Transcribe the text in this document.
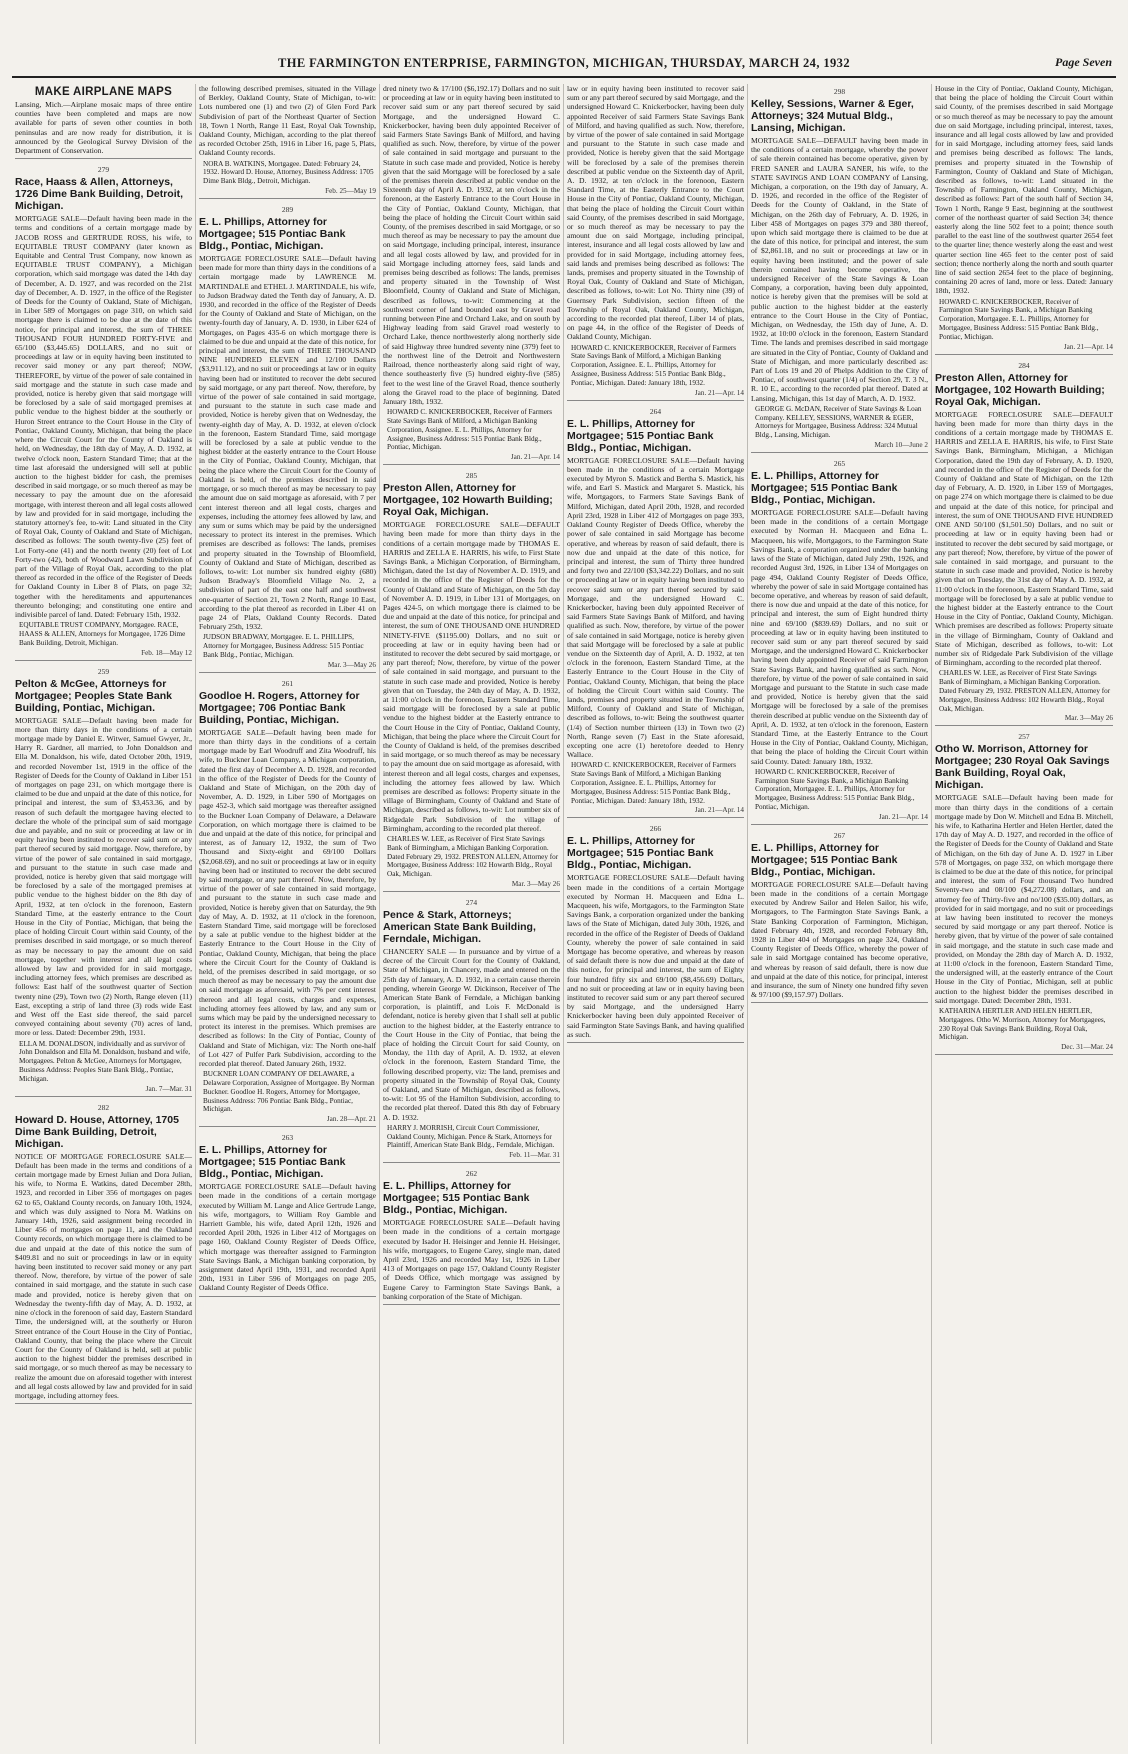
THE FARMINGTON ENTERPRISE, FARMINGTON, MICHIGAN, THURSDAY, MARCH 24, 1932	Page Seven
MAKE AIRPLANE MAPS

Lansing, Mich.—Airplane mosaic maps of three entire counties have been completed and maps are now available for parts of seven other counties in both peninsulas and are now ready for distribution, it is announced by the Geological Survey Division of the Department of Conservation.

279
Race, Haass & Allen, Attorneys, 1726 Dime Bank Building, Detroit, Michigan.

MORTGAGE SALE—Default having been made in the terms and conditions of a certain mortgage made by JACOB ROSS and GERTRUDE ROSS, his wife, to EQUITABLE TRUST COMPANY (later known as Equitable and Central Trust Company, now known as EQUITABLE TRUST COMPANY), a Michigan corporation, which said mortgage was dated the 14th day of December, A. D. 1927, and was recorded on the 21st day of December, A. D. 1927, in the office of the Register of Deeds for the County of Oakland, State of Michigan, in Liber 589 of Mortgages on page 310, on which said mortgage there is claimed to be due at the date of this notice, for principal and interest, the sum of THREE THOUSAND FOUR HUNDRED FORTY-FIVE and 65/100 ($3,445.65) DOLLARS, and no suit or proceedings at law or in equity having been instituted to recover said money or any part thereof; NOW, THEREFORE, by virtue of the power of sale contained in said mortgage and the statute in such case made and provided, notice is hereby given that said mortgage will be foreclosed by a sale of said mortgaged premises at public vendue to the highest bidder at the southerly or Huron Street entrance to the Court House in the City of Pontiac, Oakland County, Michigan, that being the place where the Circuit Court for the County of Oakland is held, on Wednesday, the 18th day of May, A. D. 1932, at twelve o'clock noon, Eastern Standard Time; that at the time last aforesaid the undersigned will sell at public auction to the highest bidder for cash, the premises described in said mortgage, or so much thereof as may be necessary to pay the amount due on the aforesaid mortgage, with interest thereon and all legal costs allowed by law and provided for in said mortgage, including the statutory attorney's fee, to-wit: Land situated in the City of Royal Oak, County of Oakland and State of Michigan, described as follows: The south twenty-five (25) feet of Lot Forty-one (41) and the north twenty (20) feet of Lot Forty-two (42), both of Woodward Lawn Subdivision of part of the Village of Royal Oak, according to the plat thereof as recorded in the office of the Register of Deeds for Oakland County in Liber 8 of Plats, on page 32; together with the hereditaments and appurtenances thereunto belonging; and constituting one entire and indivisible parcel of land. Dated: February 15th, 1932.

EQUITABLE TRUST COMPANY, Mortgagee. RACE, HAASS & ALLEN, Attorneys for Mortgagee, 1726 Dime Bank Building, Detroit, Michigan.
Feb. 18—May 12
259
Pelton & McGee, Attorneys for Mortgagee; Peoples State Bank Building, Pontiac, Michigan.

MORTGAGE SALE—Default having been made for more than thirty days in the conditions of a certain mortgage made by Daniel E. Witwer, Samuel Gwyer, Jr., Harry R. Gardner, all married, to John Donaldson and Ella M. Donaldson, his wife, dated October 20th, 1919, and recorded November 1st, 1919 in the office of the Register of Deeds for the County of Oakland in Liber 151 of mortgages on page 231, on which mortgage there is claimed to be due and unpaid at the date of this notice, for principal and interest, the sum of $3,453.36, and by reason of such default the mortgagee having elected to declare the whole of the principal sum of said mortgage due and payable, and no suit or proceeding at law or in equity having been instituted to recover said sum or any part thereof secured by said mortgage. Now, therefore, by virtue of the power of sale contained in said mortgage, and pursuant to the statute in such case made and provided, notice is hereby given that said mortgage will be foreclosed by a sale of the mortgaged premises at public vendue to the highest bidder on the 8th day of April, 1932, at ten o'clock in the forenoon, Eastern Standard Time, at the easterly entrance to the Court House in the City of Pontiac, Michigan, that being the place of holding Circuit Court within said County, of the premises described in said mortgage, or so much thereof as may be necessary to pay the amount due on said mortgage, together with interest and all legal costs allowed by law and provided for in said mortgage, including attorney fees, which premises are described as follows: East half of the southwest quarter of Section twenty nine (29), Town two (2) North, Range eleven (11) East, excepting a strip of land three (3) rods wide East and West off the East side thereof, the said parcel conveyed containing about seventy (70) acres of land, more or less. Dated: December 29th, 1931.

ELLA M. DONALDSON, individually and as survivor of John Donaldson and Ella M. Donaldson, husband and wife, Mortgagees. Pelton & McGee, Attorneys for Mortgagee, Business Address: Peoples State Bank Bldg., Pontiac, Michigan.
Jan. 7—Mar. 31
282
Howard D. House, Attorney, 1705 Dime Bank Building, Detroit, Michigan.

NOTICE OF MORTGAGE FORECLOSURE SALE—Default has been made in the terms and conditions of a certain mortgage made by Ernest Julian and Dora Julian, his wife, to Norma E. Watkins, dated December 28th, 1923, and recorded in Liber 356 of mortgages on pages 62 to 65, Oakland County records, on January 10th, 1924, and which was duly assigned to Nora M. Watkins on January 14th, 1926, said assignment being recorded in Liber 456 of mortgages on page 11, and the Oakland County records, on which mortgage there is claimed to be due and unpaid at the date of this notice the sum of $409.81 and no suit or proceedings in law or in equity having been instituted to recover said money or any part thereof. Now, therefore, by virtue of the power of sale contained in said mortgage, and the statute in such case made and provided, notice is hereby given that on Wednesday the twenty-fifth day of May, A. D. 1932, at nine o'clock in the forenoon of said day, Eastern Standard Time, the undersigned will, at the southerly or Huron Street entrance of the Court House in the City of Pontiac, Oakland County, that being the place where the Circuit Court for the County of Oakland is held, sell at public auction to the highest bidder the premises described in said mortgage, or so much thereof as may be necessary to realize the amount due on aforesaid together with interest and all legal costs allowed by law and provided for in said mortgage, including attorney fees.

the following described premises, situated in the Village of Berkley, Oakland County, State of Michigan, to-wit: Lots numbered one (1) and two (2) of Glen Ford Park Subdivision of part of the Northeast Quarter of Section 18, Town 1 North, Range 11 East, Royal Oak Township, Oakland County, Michigan, according to the plat thereof as recorded October 25th, 1916 in Liber 16, page 5, Plats, Oakland County records.

NORA B. WATKINS, Mortgagee. Dated: February 24, 1932. Howard D. House, Attorney, Business Address: 1705 Dime Bank Bldg., Detroit, Michigan.
Feb. 25—May 19
289
E. L. Phillips, Attorney for Mortgagee; 515 Pontiac Bank Bldg., Pontiac, Michigan.

MORTGAGE FORECLOSURE SALE—Default having been made for more than thirty days in the conditions of a certain mortgage made by LAWRENCE M. MARTINDALE and ETHEL J. MARTINDALE, his wife, to Judson Bradway dated the Tenth day of January, A. D. 1930, and recorded in the office of the Register of Deeds for the County of Oakland and State of Michigan, on the twenty-fourth day of January, A. D. 1930, in Liber 624 of Mortgages, on Pages 435-6 on which mortgage there is claimed to be due and unpaid at the date of this notice, for principal and interest, the sum of THREE THOUSAND NINE HUNDRED ELEVEN and 12/100 Dollars ($3,911.12), and no suit or proceedings at law or in equity having been had or instituted to recover the debt secured by said mortgage, or any part thereof. Now, therefore, by virtue of the power of sale contained in said mortgage, and pursuant to the statute in such case made and provided, Notice is hereby given that on Wednesday, the twenty-eighth day of May, A. D. 1932, at eleven o'clock in the forenoon, Eastern Standard Time, said mortgage will be foreclosed by a sale at public vendue to the highest bidder at the easterly entrance to the Court House in the City of Pontiac, Oakland County, Michigan, that being the place where the Circuit Court for the County of Oakland is held, of the premises described in said mortgage, or so much thereof as may be necessary to pay the amount due on said mortgage as aforesaid, with 7 per cent interest thereon and all legal costs, charges and expenses, including the attorney fees allowed by law, and any sum or sums which may be paid by the undersigned necessary to protect its interest in the premises. Which premises are described as follows: The lands, premises and property situated in the Township of Bloomfield, County of Oakland and State of Michigan, described as follows, to-wit: Lot number six hundred eighty (680) Judson Bradway's Bloomfield Village No. 2, a subdivision of part of the east one half and southwest one-quarter of Section 21, Town 2 North, Range 10 East, according to the plat thereof as recorded in Liber 41 on page 24 of Plats, Oakland County Records. Dated February 25th, 1932.

JUDSON BRADWAY, Mortgagee. E. L. PHILLIPS, Attorney for Mortgagee, Business Address: 515 Pontiac Bank Bldg., Pontiac, Michigan.
Mar. 3—May 26
261
Goodloe H. Rogers, Attorney for Mortgagee; 706 Pontiac Bank Building, Pontiac, Michigan.

MORTGAGE SALE—Default having been made for more than thirty days in the conditions of a certain mortgage made by Earl Woodruff and Zita Woodruff, his wife, to Buckner Loan Company, a Michigan corporation, dated the first day of December A. D. 1928, and recorded in the office of the Register of Deeds for the County of Oakland and State of Michigan, on the 20th day of November, A. D. 1929, in Liber 590 of Mortgages on page 452-3, which said mortgage was thereafter assigned to the Buckner Loan Company of Delaware, a Delaware Corporation, on which mortgage there is claimed to be due and unpaid at the date of this notice, for principal and interest, as of January 12, 1932, the sum of Two Thousand and Sixty-eight and 69/100 Dollars ($2,068.69), and no suit or proceedings at law or in equity having been had or instituted to recover the debt secured by said mortgage, or any part thereof. Now, therefore, by virtue of the power of sale contained in said mortgage, and pursuant to the statute in such case made and provided, Notice is hereby given that on Saturday, the 9th day of May, A. D. 1932, at 11 o'clock in the forenoon, Eastern Standard Time, said mortgage will be foreclosed by a sale at public vendue to the highest bidder at the Easterly Entrance to the Court House in the City of Pontiac, Oakland County, Michigan, that being the place where the Circuit Court for the County of Oakland is held, of the premises described in said mortgage, or so much thereof as may be necessary to pay the amount due on said mortgage as aforesaid, with 7% per cent interest thereon and all legal costs, charges and expenses, including attorney fees allowed by law, and any sum or sums which may be paid by the undersigned necessary to protect its interest in the premises. Which premises are described as follows: In the City of Pontiac, County of Oakland and State of Michigan, viz: The North one-half of Lot 427 of Pulfer Park Subdivision, according to the recorded plat thereof. Dated January 26th, 1932.

BUCKNER LOAN COMPANY OF DELAWARE, a Delaware Corporation, Assignee of Mortgagee. By Norman Buckner. Goodloe H. Rogers, Attorney for Mortgagee, Business Address: 706 Pontiac Bank Bldg., Pontiac, Michigan.
Jan. 28—Apr. 21
263
E. L. Phillips, Attorney for Mortgagee; 515 Pontiac Bank Bldg., Pontiac, Michigan.

MORTGAGE FORECLOSURE SALE—Default having been made in the conditions of a certain mortgage executed by William M. Lange and Alice Gertrude Lange, his wife, mortgagors, to William Roy Gamble and Harriett Gamble, his wife, dated April 12th, 1926 and recorded April 20th, 1926 in Liber 412 of Mortgages on page 160, Oakland County Register of Deeds Office, which mortgage was thereafter assigned to Farmington State Savings Bank, a Michigan banking corporation, by assignment dated April 19th, 1931, and recorded April 20th, 1931 in Liber 596 of Mortgages on page 205, Oakland County Register of Deeds Office.

dred ninety two & 17/100 ($6,192.17) Dollars and no suit or proceeding at law or in equity having been instituted to recover said sum or any part thereof secured by said Mortgage, and the undersigned Howard C. Knickerbocker, having been duly appointed Receiver of said Farmers State Savings Bank of Milford, and having qualified as such. Now, therefore, by virtue of the power of sale contained in said mortgage and pursuant to the Statute in such case made and provided, Notice is hereby given that the said Mortgage will be foreclosed by a sale of the premises therein described at public vendue on the Sixteenth day of April A. D. 1932, at ten o'clock in the forenoon, at the Easterly Entrance to the Court House in the City of Pontiac, Oakland County, Michigan, that being the place of holding the Circuit Court within said County, of the premises described in said Mortgage, or so much thereof as may be necessary to pay the amount due on said Mortgage, including principal, interest, insurance and all legal costs allowed by law, and provided for in said Mortgage including attorney fees, said lands and premises being described as follows: The lands, premises and property situated in the Township of West Bloomfield, County of Oakland and State of Michigan, described as follows, to-wit: Commencing at the southwest corner of land bounded east by Gravel road running between Pine and Orchard Lake, and on south by Highway leading from said Gravel road westerly to Orchard Lake, thence northwesterly along northerly side of said Highway three hundred seventy nine (379) feet to the northwest line of the Detroit and Northwestern Railroad, thence northeasterly along said right of way, thence southeasterly five (5) hundred eighty-five (585) feet to the west line of the Gravel Road, thence southerly along the Gravel road to the place of beginning. Dated January 18th, 1932.

HOWARD C. KNICKERBOCKER, Receiver of Farmers State Savings Bank of Milford, a Michigan Banking Corporation, Assignee. E. L. Phillips, Attorney for Assignee, Business Address: 515 Pontiac Bank Bldg., Pontiac, Michigan.
Jan. 21—Apr. 14
285
Preston Allen, Attorney for Mortgagee, 102 Howarth Building; Royal Oak, Michigan.

MORTGAGE FORECLOSURE SALE—DEFAULT having been made for more than thirty days in the conditions of a certain mortgage made by THOMAS E. HARRIS and ZELLA E. HARRIS, his wife, to First State Savings Bank, a Michigan Corporation, of Birmingham, Michigan, dated the 1st day of November A. D. 1919, and recorded in the office of the Register of Deeds for the County of Oakland and State of Michigan, on the 5th day of November A. D. 1919, in Liber 131 of Mortgages, on Pages 424-5, on which mortgage there is claimed to be due and unpaid at the date of this notice, for principal and interest, the sum of ONE THOUSAND ONE HUNDRED NINETY-FIVE ($1195.00) Dollars, and no suit or proceeding at law or in equity having been had or instituted to recover the debt secured by said mortgage, or any part thereof; Now, therefore, by virtue of the power of sale contained in said mortgage, and pursuant to the statute in such case made and provided, Notice is hereby given that on Tuesday, the 24th day of May, A. D. 1932, at 11:00 o'clock in the forenoon, Eastern Standard Time, said mortgage will be foreclosed by a sale at public vendue to the highest bidder at the Easterly entrance to the Court House in the City of Pontiac, Oakland County, Michigan, that being the place where the Circuit Court for the County of Oakland is held, of the premises described in said mortgage, or so much thereof as may be necessary to pay the amount due on said mortgage as aforesaid, with interest thereon and all legal costs, charges and expenses, including the attorney fees allowed by law. Which premises are described as follows: Property situate in the village of Birmingham, County of Oakland and State of Michigan, described as follows, to-wit: Lot number six of Ridgedale Park Subdivision of the village of Birmingham, according to the recorded plat thereof.

CHARLES W. LEE, as Receiver of First State Savings Bank of Birmingham, a Michigan Banking Corporation. Dated February 29, 1932. PRESTON ALLEN, Attorney for Mortgagee, Business Address: 102 Howarth Bldg., Royal Oak, Michigan.
Mar. 3—May 26
274
Pence & Stark, Attorneys; American State Bank Building, Ferndale, Michigan.

CHANCERY SALE — In pursuance and by virtue of a decree of the Circuit Court for the County of Oakland, State of Michigan, in Chancery, made and entered on the 25th day of January, A. D. 1932, in a certain cause therein pending, wherein George W. Dickinson, Receiver of The American State Bank of Ferndale, a Michigan banking corporation, is plaintiff, and Lois F. McDonald is defendant, notice is hereby given that I shall sell at public auction to the highest bidder, at the Easterly entrance to the Court House in the City of Pontiac, that being the place of holding the Circuit Court for said County, on Monday, the 11th day of April, A. D. 1932, at eleven o'clock in the forenoon, Eastern Standard Time, the following described property, viz: The land, premises and property situated in the Township of Royal Oak, County of Oakland, and State of Michigan, described as follows, to-wit: Lot 95 of the Hamilton Subdivision, according to the recorded plat thereof. Dated this 8th day of February A. D. 1932.

HARRY J. MORRISH, Circuit Court Commissioner, Oakland County, Michigan. Pence & Stark, Attorneys for Plaintiff, American State Bank Bldg., Ferndale, Michigan.
Feb. 11—Mar. 31
262
E. L. Phillips, Attorney for Mortgagee; 515 Pontiac Bank Bldg., Pontiac, Michigan.

MORTGAGE FORECLOSURE SALE—Default having been made in the conditions of a certain mortgage executed by Isador H. Heisinger and Jennie H. Heisinger, his wife, mortgagors, to Eugene Carey, single man, dated April 23rd, 1926 and recorded May 1st, 1926 in Liber 413 of Mortgages on page 157, Oakland County Register of Deeds Office, which mortgage was assigned by Eugene Carey to Farmington State Savings Bank, a banking corporation of the State of Michigan.

law or in equity having been instituted to recover said sum or any part thereof secured by said Mortgage, and the undersigned Howard C. Knickerbocker, having been duly appointed Receiver of said Farmers State Savings Bank of Milford, and having qualified as such. Now, therefore, by virtue of the power of sale contained in said Mortgage and pursuant to the Statute in such case made and provided, Notice is hereby given that the said Mortgage will be foreclosed by a sale of the premises therein described at public vendue on the Sixteenth day of April, A. D. 1932, at ten o'clock in the forenoon, Eastern Standard Time, at the Easterly Entrance to the Court House in the City of Pontiac, Oakland County, Michigan, that being the place of holding the Circuit Court within said County, of the premises described in said Mortgage, or so much thereof as may be necessary to pay the amount due on said Mortgage, including principal, interest, insurance and all legal costs allowed by law and provided for in said Mortgage, including attorney fees, said lands and premises being described as follows: The lands, premises and property situated in the Township of Royal Oak, County of Oakland and State of Michigan, described as follows, to-wit: Lot No. Thirty nine (39) of Guernsey Park Subdivision, section fifteen of the Township of Royal Oak, Oakland County, Michigan, according to the recorded plat thereof, Liber 14 of plats, on page 44, in the office of the Register of Deeds of Oakland County, Michigan.

HOWARD C. KNICKERBOCKER, Receiver of Farmers State Savings Bank of Milford, a Michigan Banking Corporation, Assignee. E. L. Phillips, Attorney for Assignee, Business Address: 515 Pontiac Bank Bldg., Pontiac, Michigan. Dated: January 18th, 1932.
Jan. 21—Apr. 14
264
E. L. Phillips, Attorney for Mortgagee; 515 Pontiac Bank Bldg., Pontiac, Michigan.

MORTGAGE FORECLOSURE SALE—Default having been made in the conditions of a certain Mortgage executed by Myron S. Mastick and Bertha S. Mastick, his wife, and Earl S. Mastick and Margaret S. Mastick, his wife, Mortgagors, to Farmers State Savings Bank of Milford, Michigan, dated April 20th, 1928, and recorded April 23rd, 1928 in Liber 412 of Mortgages on page 393, Oakland County Register of Deeds Office, whereby the power of sale contained in said Mortgage has become operative, and whereas by reason of said default, there is now due and unpaid at the date of this notice, for principal and interest, the sum of Thirty three hundred and forty two and 22/100 ($3,342.22) Dollars, and no suit or proceeding at law or in equity having been instituted to recover said sum or any part thereof secured by said Mortgage, and the undersigned Howard C. Knickerbocker, having been duly appointed Receiver of said Farmers State Savings Bank of Milford, and having qualified as such. Now, therefore, by virtue of the power of sale contained in said Mortgage, notice is hereby given that said Mortgage will be foreclosed by a sale at public vendue on the Sixteenth day of April, A. D. 1932, at ten o'clock in the forenoon, Eastern Standard Time, at the Easterly Entrance to the Court House in the City of Pontiac, Oakland County, Michigan, that being the place of holding the Circuit Court within said County. The lands, premises and property situated in the Township of Milford, County of Oakland and State of Michigan, described as follows, to-wit: Being the southwest quarter (1/4) of Section number thirteen (13) in Town two (2) North, Range seven (7) East in the State aforesaid, excepting one acre (1) heretofore deeded to Henry Wallace.

HOWARD C. KNICKERBOCKER, Receiver of Farmers State Savings Bank of Milford, a Michigan Banking Corporation, Assignee. E. L. Phillips, Attorney for Mortgagee, Business Address: 515 Pontiac Bank Bldg., Pontiac, Michigan. Dated: January 18th, 1932.
Jan. 21—Apr. 14
266
E. L. Phillips, Attorney for Mortgagee; 515 Pontiac Bank Bldg., Pontiac, Michigan.

MORTGAGE FORECLOSURE SALE—Default having been made in the conditions of a certain Mortgage executed by Norman H. Macqueen and Edna L. Macqueen, his wife, Mortgagors, to the Farmington State Savings Bank, a corporation organized under the banking laws of the State of Michigan, dated July 30th, 1926, and recorded in the office of the Register of Deeds of Oakland County, whereby the power of sale contained in said Mortgage has become operative, and whereas by reason of said default there is now due and unpaid at the date of this notice, for principal and interest, the sum of Eighty four hundred fifty six and 69/100 ($8,456.69) Dollars, and no suit or proceeding at law or in equity having been instituted to recover said sum or any part thereof secured by said Mortgage, and the undersigned Harry Knickerbocker having been duly appointed Receiver of said Farmington State Savings Bank, and having qualified as such.

298
Kelley, Sessions, Warner & Eger, Attorneys; 324 Mutual Bldg., Lansing, Michigan.

MORTGAGE SALE—DEFAULT having been made in the conditions of a certain mortgage, whereby the power of sale therein contained has become operative, given by FRED SANER and LAURA SANER, his wife, to the STATE SAVINGS AND LOAN COMPANY of Lansing, Michigan, a corporation, on the 19th day of January, A. D. 1926, and recorded in the office of the Register of Deeds for the County of Oakland, in the State of Michigan, on the 26th day of February, A. D. 1926, in Liber 458 of Mortgages on pages 379 and 380 thereof, upon which said mortgage there is claimed to be due at the date of this notice, for principal and interest, the sum of $2,861.18, and no suit or proceedings at law or in equity having been instituted; and the power of sale therein contained having become operative, the undersigned Receiver of the State Savings & Loan Company, a corporation, having been duly appointed, notice is hereby given that the premises will be sold at public auction to the highest bidder at the easterly entrance to the Court House in the City of Pontiac, Michigan, on Wednesday, the 15th day of June, A. D. 1932, at 10:00 o'clock in the forenoon, Eastern Standard Time. The lands and premises described in said mortgage are situated in the City of Pontiac, County of Oakland and State of Michigan, and more particularly described as: Part of Lots 19 and 20 of Phelps Addition to the City of Pontiac, of southwest quarter (1/4) of Section 29, T. 3 N., R. 10 E., according to the recorded plat thereof. Dated at Lansing, Michigan, this 1st day of March, A. D. 1932.

GEORGE G. McDAN, Receiver of State Savings & Loan Company. KELLEY, SESSIONS, WARNER & EGER, Attorneys for Mortgagee, Business Address: 324 Mutual Bldg., Lansing, Michigan.
March 10—June 2
265
E. L. Phillips, Attorney for Mortgagee; 515 Pontiac Bank Bldg., Pontiac, Michigan.

MORTGAGE FORECLOSURE SALE—Default having been made in the conditions of a certain Mortgage executed by Norman H. Macqueen and Edna L. Macqueen, his wife, Mortgagors, to the Farmington State Savings Bank, a corporation organized under the banking laws of the State of Michigan, dated July 29th, 1926, and recorded August 3rd, 1926, in Liber 134 of Mortgages on page 494, Oakland County Register of Deeds Office, whereby the power of sale in said Mortgage contained has become operative, and whereas by reason of said default, there is now due and unpaid at the date of this notice, for principal and interest, the sum of Eight hundred thirty nine and 69/100 ($839.69) Dollars, and no suit or proceeding at law or in equity having been instituted to recover said sum or any part thereof secured by said Mortgage, and the undersigned Howard C. Knickerbocker having been duly appointed Receiver of said Farmington State Savings Bank, and having qualified as such. Now, therefore, by virtue of the power of sale contained in said Mortgage and pursuant to the Statute in such case made and provided, Notice is hereby given that the said Mortgage will be foreclosed by a sale of the premises therein described at public vendue on the Sixteenth day of April, A. D. 1932, at ten o'clock in the forenoon, Eastern Standard Time, at the Easterly Entrance to the Court House in the City of Pontiac, Oakland County, Michigan, that being the place of holding the Circuit Court within said County. Dated: January 18th, 1932.

HOWARD C. KNICKERBOCKER, Receiver of Farmington State Savings Bank, a Michigan Banking Corporation, Mortgagee. E. L. Phillips, Attorney for Mortgagee, Business Address: 515 Pontiac Bank Bldg., Pontiac, Michigan.
Jan. 21—Apr. 14
267
E. L. Phillips, Attorney for Mortgagee; 515 Pontiac Bank Bldg., Pontiac, Michigan.

MORTGAGE FORECLOSURE SALE—Default having been made in the conditions of a certain Mortgage executed by Andrew Sailor and Helen Sailor, his wife, Mortgagors, to The Farmington State Savings Bank, a State Banking Corporation of Farmington, Michigan, dated February 4th, 1928, and recorded February 8th, 1928 in Liber 404 of Mortgages on page 324, Oakland County Register of Deeds Office, whereby the power of sale in said Mortgage contained has become operative, and whereas by reason of said default, there is now due and unpaid at the date of this notice, for principal, interest and insurance, the sum of Ninety one hundred fifty seven & 97/100 ($9,157.97) Dollars.

House in the City of Pontiac, Oakland County, Michigan, that being the place of holding the Circuit Court within said County, of the premises described in said Mortgage or so much thereof as may be necessary to pay the amount due on said Mortgage, including principal, interest, taxes, insurance and all legal costs allowed by law and provided for in said Mortgage, including attorney fees, said lands and premises being described as follows: The lands, premises and property situated in the Township of Farmington, County of Oakland and State of Michigan, described as follows, to-wit: Land situated in the Township of Farmington, Oakland County, Michigan, described as follows: Part of the south half of Section 34, Town 1 North, Range 9 East, beginning at the southwest corner of the northeast quarter of said Section 34; thence easterly along the line 502 feet to a point; thence south parallel to the east line of the southwest quarter 2654 feet to the quarter line; thence westerly along the east and west quarter section line 465 feet to the center post of said section; thence northerly along the north and south quarter line of said section 2654 feet to the place of beginning, containing 20 acres of land, more or less. Dated: January 18th, 1932.

HOWARD C. KNICKERBOCKER, Receiver of Farmington State Savings Bank, a Michigan Banking Corporation, Mortgagee. E. L. Phillips, Attorney for Mortgagee, Business Address: 515 Pontiac Bank Bldg., Pontiac, Michigan.
Jan. 21—Apr. 14
284
Preston Allen, Attorney for Mortgagee, 102 Howarth Building; Royal Oak, Michigan.

MORTGAGE FORECLOSURE SALE—DEFAULT having been made for more than thirty days in the conditions of a certain mortgage made by THOMAS E. HARRIS and ZELLA E. HARRIS, his wife, to First State Savings Bank, Birmingham, Michigan, a Michigan Corporation, dated the 19th day of February, A. D. 1920, and recorded in the office of the Register of Deeds for the County of Oakland and State of Michigan, on the 12th day of February, A. D. 1920, in Liber 159 of Mortgages, on page 274 on which mortgage there is claimed to be due and unpaid at the date of this notice, for principal and interest, the sum of ONE THOUSAND FIVE HUNDRED ONE AND 50/100 ($1,501.50) Dollars, and no suit or proceeding at law or in equity having been had or instituted to recover the debt secured by said mortgage, or any part thereof; Now, therefore, by virtue of the power of sale contained in said mortgage, and pursuant to the statute in such case made and provided, Notice is hereby given that on Tuesday, the 31st day of May A. D. 1932, at 11:00 o'clock in the forenoon, Eastern Standard Time, said mortgage will be foreclosed by a sale at public vendue to the highest bidder at the Easterly entrance to the Court House in the City of Pontiac, Oakland County, Michigan. Which premises are described as follows: Property situate in the village of Birmingham, County of Oakland and State of Michigan, described as follows, to-wit: Lot number six of Ridgedale Park Subdivision of the village of Birmingham, according to the recorded plat thereof.

CHARLES W. LEE, as Receiver of First State Savings Bank of Birmingham, a Michigan Banking Corporation. Dated February 29, 1932. PRESTON ALLEN, Attorney for Mortgagee, Business Address: 102 Howarth Bldg., Royal Oak, Michigan.
Mar. 3—May 26
257
Otho W. Morrison, Attorney for Mortgagee; 230 Royal Oak Savings Bank Building, Royal Oak, Michigan.

MORTGAGE SALE—Default having been made for more than thirty days in the conditions of a certain mortgage made by Don W. Mitchell and Edna B. Mitchell, his wife, to Katharina Hertler and Helen Hertler, dated the 17th day of May A. D. 1927, and recorded in the office of the Register of Deeds for the County of Oakland and State of Michigan, on the 6th day of June A. D. 1927 in Liber 578 of Mortgages, on page 332, on which mortgage there is claimed to be due at the date of this notice, for principal and interest, the sum of Four thousand Two hundred Seventy-two and 08/100 ($4,272.08) dollars, and an attorney fee of Thirty-five and no/100 ($35.00) dollars, as provided for in said mortgage, and no suit or proceedings at law having been instituted to recover the moneys secured by said mortgage or any part thereof. Notice is hereby given, that by virtue of the power of sale contained in said mortgage, and the statute in such case made and provided, on Monday the 28th day of March A. D. 1932, at 11:00 o'clock in the forenoon, Eastern Standard Time, the undersigned will, at the easterly entrance of the Court House in the City of Pontiac, Michigan, sell at public auction to the highest bidder the premises described in said mortgage. Dated: December 28th, 1931.

KATHARINA HERTLER AND HELEN HERTLER, Mortgagees. Otho W. Morrison, Attorney for Mortgagees, 230 Royal Oak Savings Bank Building, Royal Oak, Michigan.
Dec. 31—Mar. 24
